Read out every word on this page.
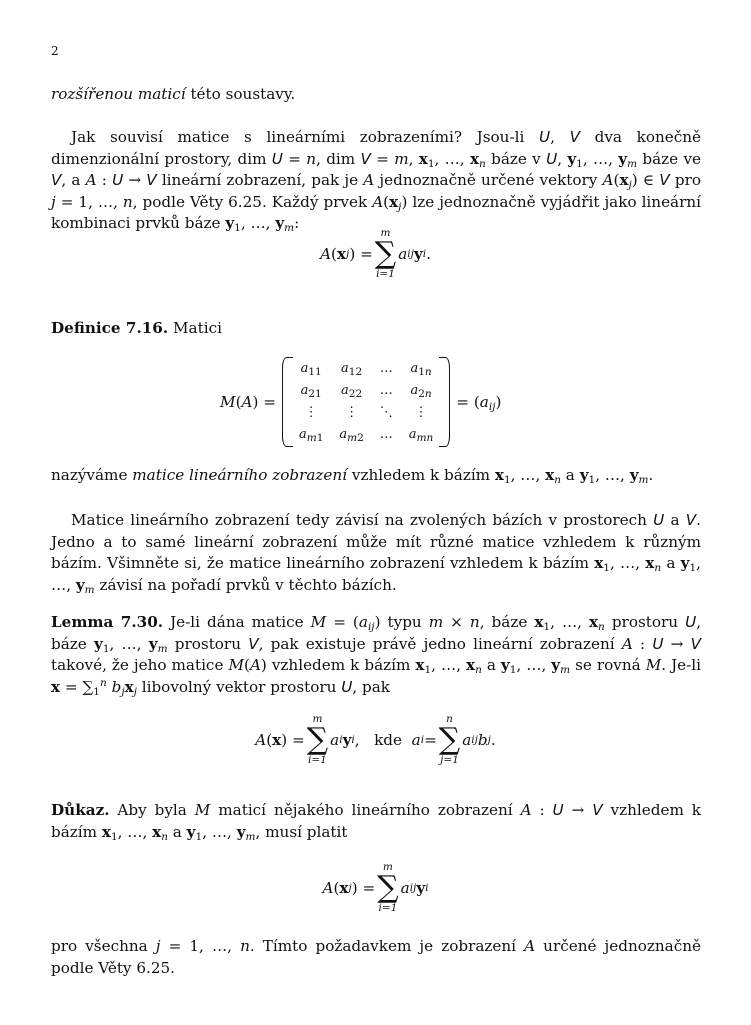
2

rozšířenou maticí této soustavy.

Jak souvisí matice s lineárními zobrazeními? Jsou-li U, V dva konečně dimenzionální prostory, dim U = n, dim V = m, $x_1$, …, $x_n$ báze v U, $y_1$, …, $y_m$ báze ve V, a A : U → V lineární zobrazení, pak je A jednoznačně určené vektory $A(x_j)$ ∈ V pro j = 1, …, n, podle Věty 6.25. Každý prvek $A(x_j)$ lze jednoznačně vyjádřit jako lineární kombinaci prvků báze $y_1$, …, $y_m$:

A ( x j ) =
m
∑
i=1
a ij y i .

Definice 7.16. Matici

M(A) =
$a_{11}$ $a_{12}$ … $a_{1n}$
$a_{21}$ $a_{22}$ … $a_{2n}$
⋮	⋮	⋱	⋮
$a_{m1}$ $a_{m2}$ … $a_{mn}$
= $(a_{ij})$

nazýváme matice lineárního zobrazení vzhledem k bázím $x_1$, …, $x_n$ a $y_1$, …, $y_m$.

Matice lineárního zobrazení tedy závisí na zvolených bázích v prostorech U a V. Jedno a to samé lineární zobrazení může mít různé matice vzhledem k různým bázím. Všimněte si, že matice lineárního zobrazení vzhledem k bázím $x_1$, …, $x_n$ a $y_1$, …, $y_m$ závisí na pořadí prvků v těchto bázích.

Lemma 7.30. Je-li dána matice $M = (a_{ij})$ typu m × n, báze $x_1$, …, $x_n$ prostoru U, báze $y_1$, …, $y_m$ prostoru V, pak existuje právě jedno lineární zobrazení A : U → V takové, že jeho matice M(A) vzhledem k bázím $x_1$, …, $x_n$ a $y_1$, …, $y_m$ se rovná M. Je-li $x = \sum_1^n$ $b_jx_j$ libovolný vektor prostoru U, pak

A ( x ) =
m
∑
i=1
a i y i , kde
a i =
n
∑
j=1
a ij b j .

Důkaz. Aby byla M maticí nějakého lineárního zobrazení A : U → V vzhledem k bázím $x_1$, …, $x_n$ a $y_1$, …, $y_m$, musí platit

A ( x j ) =
m
∑
i=1
a ij y i

pro všechna j = 1, …, n. Tímto požadavkem je zobrazení A určené jednoznačně podle Věty 6.25.
